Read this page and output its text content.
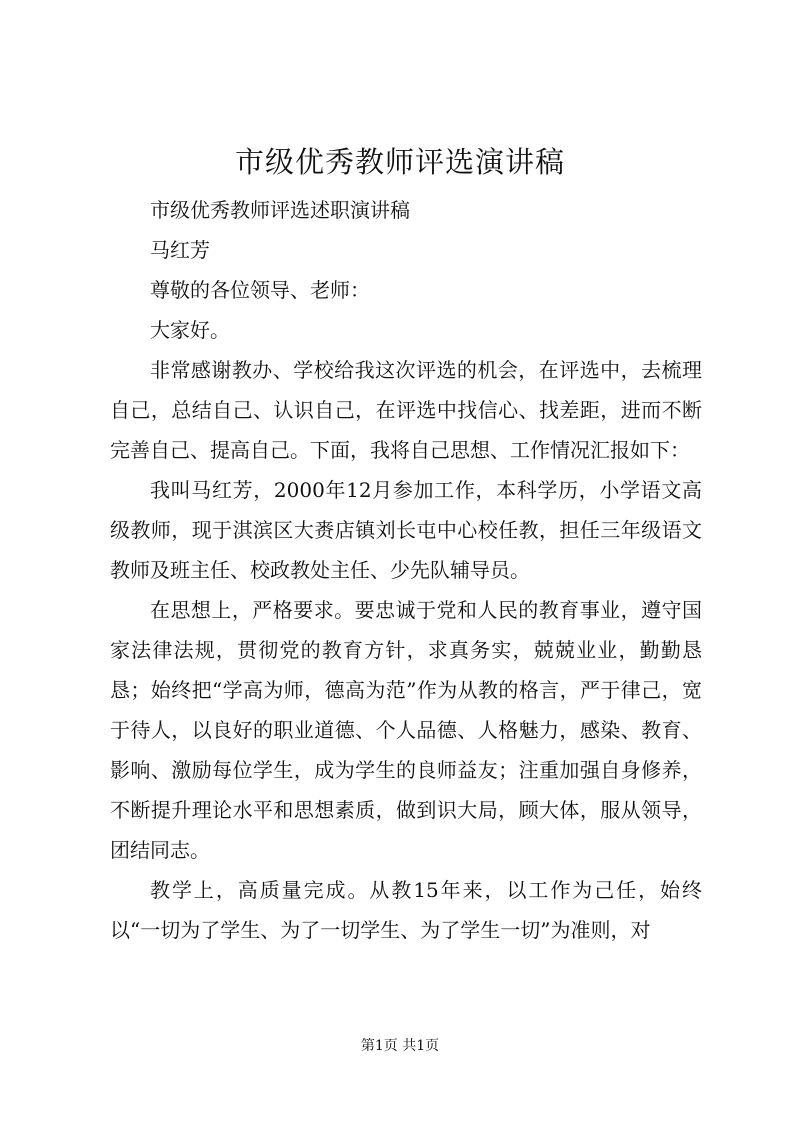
市级优秀教师评选演讲稿

市级优秀教师评选述职演讲稿

马红芳

尊敬的各位领导、老师：

大家好。

非常感谢教办、学校给我这次评选的机会，在评选中，去梳理自己，总结自己、认识自己，在评选中找信心、找差距，进而不断完善自己、提高自己。下面，我将自己思想、工作情况汇报如下：

我叫马红芳，2000年12月参加工作，本科学历，小学语文高级教师，现于淇滨区大赉店镇刘长屯中心校任教，担任三年级语文教师及班主任、校政教处主任、少先队辅导员。

在思想上，严格要求。要忠诚于党和人民的教育事业，遵守国家法律法规，贯彻党的教育方针，求真务实，兢兢业业，勤勤恳恳；始终把“学高为师，德高为范”作为从教的格言，严于律己，宽于待人，以良好的职业道德、个人品德、人格魅力，感染、教育、影响、激励每位学生，成为学生的良师益友；注重加强自身修养，不断提升理论水平和思想素质，做到识大局，顾大体，服从领导，团结同志。

教学上，高质量完成。从教15年来，以工作为己任，始终以“一切为了学生、为了一切学生、为了学生一切”为准则，对

第1页 共1页
